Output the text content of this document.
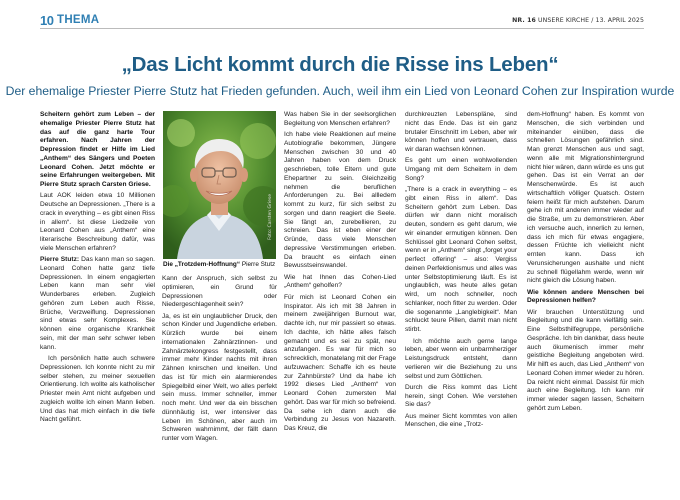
10 THEMA	NR. 16 UNSERE KIRCHE / 13. APRIL 2025
„Das Licht kommt durch die Risse ins Leben“
Der ehemalige Priester Pierre Stutz hat Frieden gefunden. Auch, weil ihm ein Lied von Leonard Cohen zur Inspiration wurde

Scheitern gehört zum Leben – der ehemalige Priester Pierre Stutz hat das auf die ganz harte Tour erfahren. Nach Jahren der Depression findet er Hilfe im Lied „Anthem“ des Sängers und Poeten Leonard Cohen. Jetzt möchte er seine Erfahrungen weitergeben. Mit Pierre Stutz sprach Carsten Griese.

Laut AOK leiden etwa 10 Millionen Deutsche an Depressionen. „There is a crack in everything – es gibt einen Riss in allem“. Ist diese Liedzeile von Leonard Cohen aus „Anthem“ eine literarische Beschreibung dafür, was viele Menschen erfahren?

Pierre Stutz: Das kann man so sagen. Leonard Cohen hatte ganz tiefe Depressionen. In einem engagierten Leben kann man sehr viel Wunderbares erleben. Zugleich gehören zum Leben auch Risse, Brüche, Verzweiflung. Depressionen sind etwas sehr Komplexes. Sie können eine organische Krankheit sein, mit der man sehr schwer leben kann.

Ich persönlich hatte auch schwere Depressionen. Ich konnte nicht zu mir selber stehen, zu meiner sexuellen Orientierung. Ich wollte als katholischer Priester mein Amt nicht aufgeben und zugleich wollte ich einen Mann lieben. Und das hat mich einfach in die tiefe Nacht geführt.

Foto: Carsten Griese
Die „Trotzdem-Hoffnung“ Pierre Stutz

Kann der Anspruch, sich selbst zu optimieren, ein Grund für Depressionen oder Niedergeschlagenheit sein?

Ja, es ist ein unglaublicher Druck, den schon Kinder und Jugendliche erleben. Kürzlich wurde bei einem internationalen Zahnärztinnen- und Zahnärztekongress festgestellt, dass immer mehr Kinder nachts mit ihren Zähnen knirschen und kneifen. Und das ist für mich ein alarmierendes Spiegelbild einer Welt, wo alles perfekt sein muss. Immer schneller, immer noch mehr. Und wer da ein bisschen dünnhäutig ist, wer intensiver das Leben im Schönen, aber auch im Schweren wahrnimmt, der fällt dann runter vom Wagen.

Was haben Sie in der seelsorglichen Begleitung von Menschen erfahren?

Ich habe viele Reaktionen auf meine Autobiografie bekommen, Jüngere Menschen zwischen 30 und 40 Jahren haben von dem Druck geschrieben, tolle Eltern und gute Ehepartner zu sein. Gleichzeitig nehmen die beruflichen Anforderungen zu. Bei allledem kommt zu kurz, für sich selbst zu sorgen und dann reagiert die Seele. Sie fängt an, zurebellieren, zu schreien. Das ist eben einer der Gründe, dass viele Menschen depressive Verstimmungen erleben. Da braucht es einfach einen Bewusstseinswandel.

Wie hat Ihnen das Cohen-Lied „Anthem“ geholfen?

Für mich ist Leonard Cohen ein Inspirator. Als ich mit 38 Jahren in meinem zweijährigen Burnout war, dachte ich, nur mir passiert so etwas. Ich dachte, ich hätte alles falsch gemacht und es sei zu spät, neu anzufangen. Es war für mich so schrecklich, monatelang mit der Frage aufzuwachen: Schaffe ich es heute zur Zahnbürste? Und da habe ich 1992 dieses Lied „Anthem“ von Leonard Cohen zumersten Mal gehört. Das war für mich so befreiend. Da sehe ich dann auch die Verbindung zu Jesus von Nazareth. Das Kreuz, die

durchkreuzten Lebenspläne, sind nicht das Ende. Das ist ein ganz brutaler Einschnitt im Leben, aber wir können hoffen und vertrauen, dass wir daran wachsen können.

Es geht um einen wohlwollenden Umgang mit dem Scheitern in dem Song?

„There is a crack in everything – es gibt einen Riss in allem“. Das Scheitern gehört zum Leben. Das dürfen wir dann nicht moralisch deuten, sondern es geht darum, wie wir einander ermutigen können. Den Schlüssel gibt Leonard Cohen selbst, wenn er in „Anthem“ singt „forget your perfect offering“ – also: Vergiss deinen Perfektionismus und alles was unter Selbstoptimierung läuft. Es ist unglaublich, was heute alles getan wird, um noch schneller, noch schlanker, noch fitter zu werden. Oder die sogenannte „Langlebigkeit“. Man schluckt teure Pillen, damit man nicht stirbt.

Ich möchte auch gerne lange leben, aber wenn ein unbarmherziger Leistungsdruck entsteht, dann verlieren wir die Beziehung zu uns selbst und zum Göttlichen.

Durch die Riss kommt das Licht herein, singt Cohen. Wie verstehen Sie das?

Aus meiner Sicht kommtes von allen Menschen, die eine „Trotz-

dem-Hoffnung“ haben. Es kommt von Menschen, die sich verbinden und miteinander einüben, dass die schnellen Lösungen gefährlich sind. Man grenzt Menschen aus und sagt, wenn alle mit Migrationshintergrund nicht hier wären, dann würde es uns gut gehen. Das ist ein Verrat an der Menschenwürde. Es ist auch wirtschaftlich völliger Quatsch. Ostern feiern heißt für mich aufstehen. Darum gehe ich mit anderen immer wieder auf die Straße, um zu demonstrieren. Aber ich versuche auch, innerlich zu lernen, dass ich mich für etwas engagiere, dessen Früchte ich vielleicht nicht ernten kann. Dass ich Verunsicherungen aushalte und nicht zu schnell flügellahm werde, wenn wir nicht gleich die Lösung haben.

Wie können andere Menschen bei Depressionen helfen?

Wir brauchen Unterstützung und Begleitung und die kann vielfältig sein. Eine Selbsthilfegruppe, persönliche Gespräche. Ich bin dankbar, dass heute auch ökumenisch immer mehr geistliche Begleitung angeboten wird. Mir hilft es auch, das Lied „Anthem“ von Leonard Cohen immer wieder zu hören. Da reicht nicht einmal. Dassist für mich auch eine Begleitung. Ich kann mir immer wieder sagen lassen, Scheitern gehört zum Leben.
